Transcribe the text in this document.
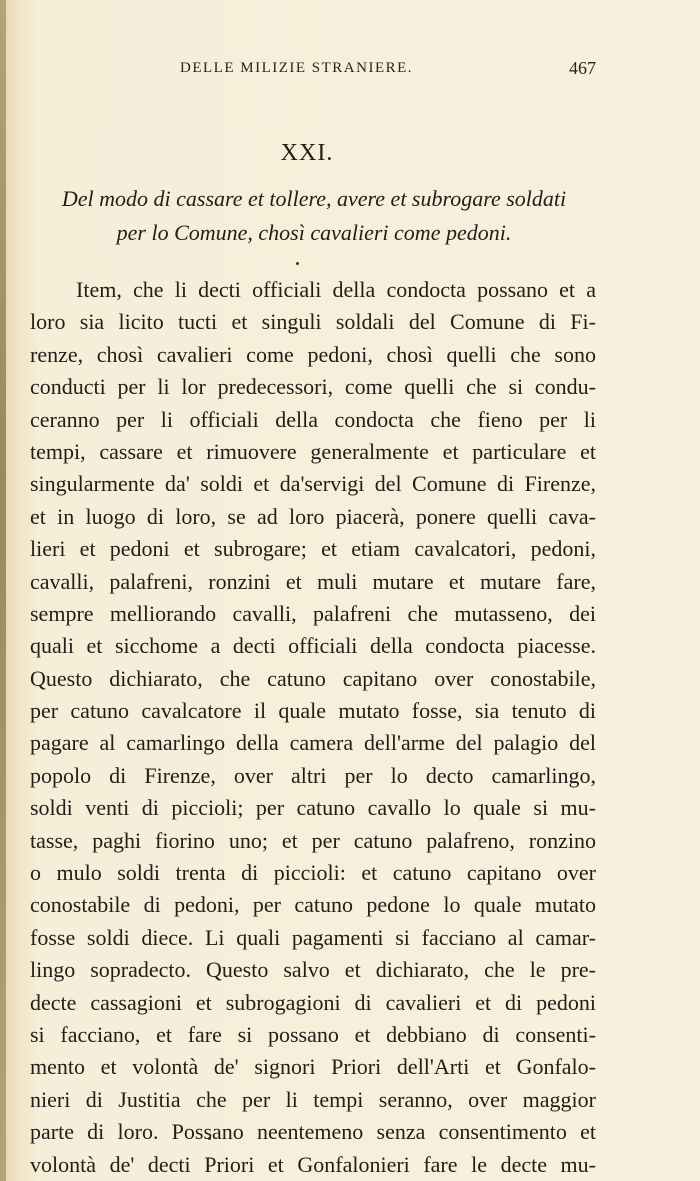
DELLE MILIZIE STRANIERE.	467
XXI.
Del modo di cassare et tollere, avere et subrogare soldati
per lo Comune, chosì cavalieri come pedoni.
Item, che li decti officiali della condocta possano et a
loro sia licito tucti et singuli soldali del Comune di Fi-
renze, chosì cavalieri come pedoni, chosì quelli che sono
conducti per li lor predecessori, come quelli che si condu-
ceranno per li officiali della condocta che fieno per li
tempi, cassare et rimuovere generalmente et particulare et
singularmente da' soldi et da'servigi del Comune di Firenze,
et in luogo di loro, se ad loro piacerà, ponere quelli cava-
lieri et pedoni et subrogare; et etiam cavalcatori, pedoni,
cavalli, palafreni, ronzini et muli mutare et mutare fare,
sempre melliorando cavalli, palafreni che mutasseno, dei
quali et sicchome a decti officiali della condocta piacesse.
Questo dichiarato, che catuno capitano over conostabile,
per catuno cavalcatore il quale mutato fosse, sia tenuto di
pagare al camarlingo della camera dell'arme del palagio del
popolo di Firenze, over altri per lo decto camarlingo,
soldi venti di piccioli; per catuno cavallo lo quale si mu-
tasse, paghi fiorino uno; et per catuno palafreno, ronzino
o mulo soldi trenta di piccioli: et catuno capitano over
conostabile di pedoni, per catuno pedone lo quale mutato
fosse soldi diece. Li quali pagamenti si facciano al camar-
lingo sopradecto. Questo salvo et dichiarato, che le pre-
decte cassagioni et subrogagioni di cavalieri et di pedoni
si facciano, et fare si possano et debbiano di consenti-
mento et volontà de' signori Priori dell'Arti et Gonfalo-
nieri di Justitia che per li tempi seranno, over maggior
parte di loro. Possano neentemeno senza consentimento et
volontà de' decti Priori et Gonfalonieri fare le decte mu-
